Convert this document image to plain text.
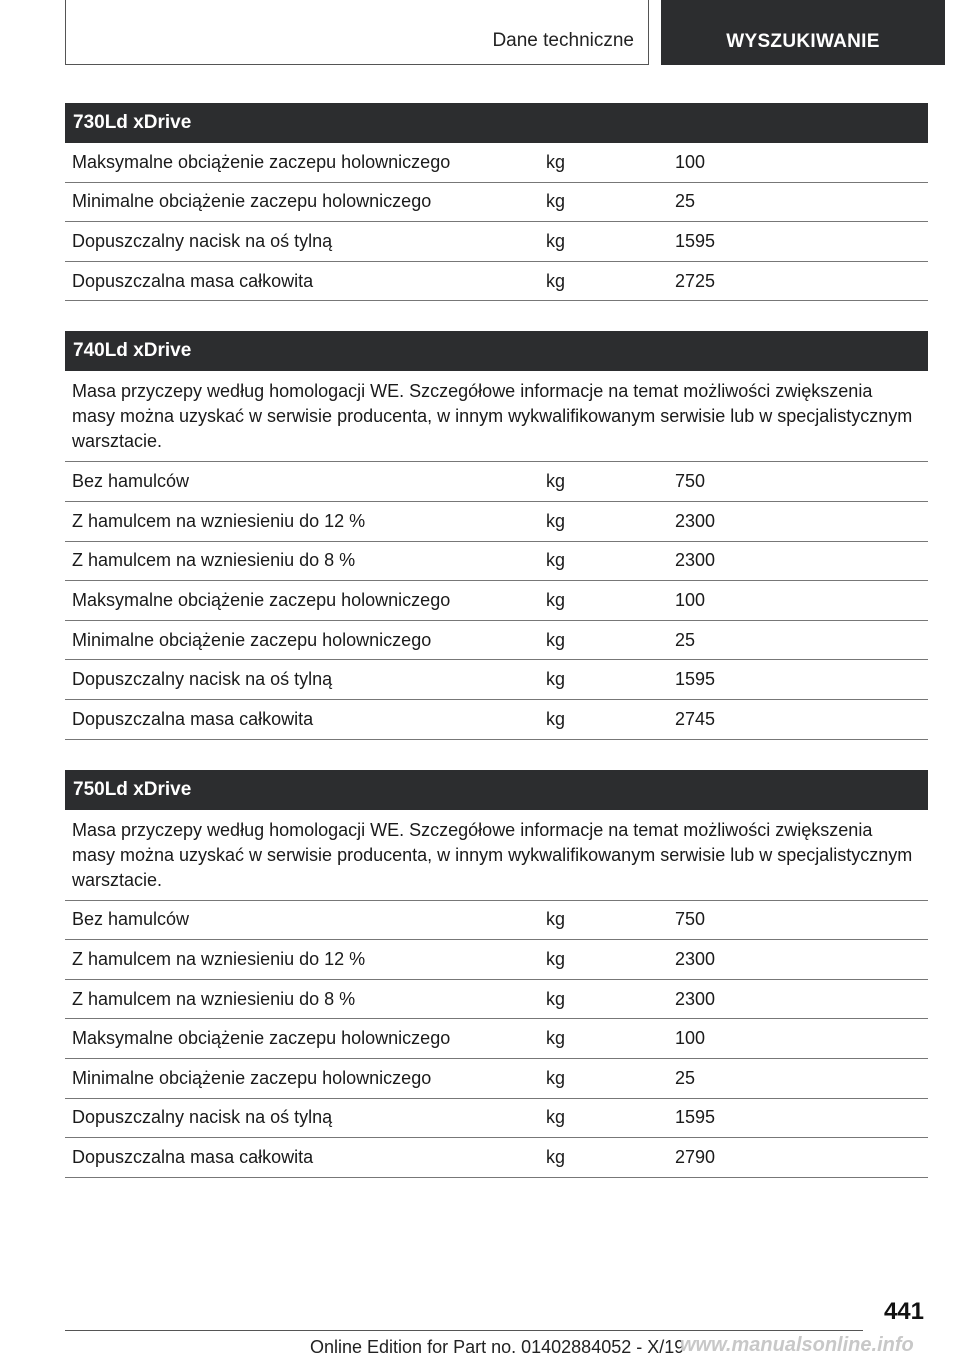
Dane techniczne	WYSZUKIWANIE
730Ld xDrive
Maksymalne obciążenie zaczepu holowniczego	kg	100
Minimalne obciążenie zaczepu holowniczego	kg	25
Dopuszczalny nacisk na oś tylną	kg	1595
Dopuszczalna masa całkowita	kg	2725
740Ld xDrive
Masa przyczepy według homologacji WE. Szczegółowe informacje na temat możliwości zwiększenia masy można uzyskać w serwisie producenta, w innym wykwalifikowanym serwisie lub w specjalistycznym warsztacie.
Bez hamulców	kg	750
Z hamulcem na wzniesieniu do 12 %	kg	2300
Z hamulcem na wzniesieniu do 8 %	kg	2300
Maksymalne obciążenie zaczepu holowniczego	kg	100
Minimalne obciążenie zaczepu holowniczego	kg	25
Dopuszczalny nacisk na oś tylną	kg	1595
Dopuszczalna masa całkowita	kg	2745
750Ld xDrive
Masa przyczepy według homologacji WE. Szczegółowe informacje na temat możliwości zwiększenia masy można uzyskać w serwisie producenta, w innym wykwalifikowanym serwisie lub w specjalistycznym warsztacie.
Bez hamulców	kg	750
Z hamulcem na wzniesieniu do 12 %	kg	2300
Z hamulcem na wzniesieniu do 8 %	kg	2300
Maksymalne obciążenie zaczepu holowniczego	kg	100
Minimalne obciążenie zaczepu holowniczego	kg	25
Dopuszczalny nacisk na oś tylną	kg	1595
Dopuszczalna masa całkowita	kg	2790
441
Online Edition for Part no. 01402884052 - X/19
www.manualsonline.info
